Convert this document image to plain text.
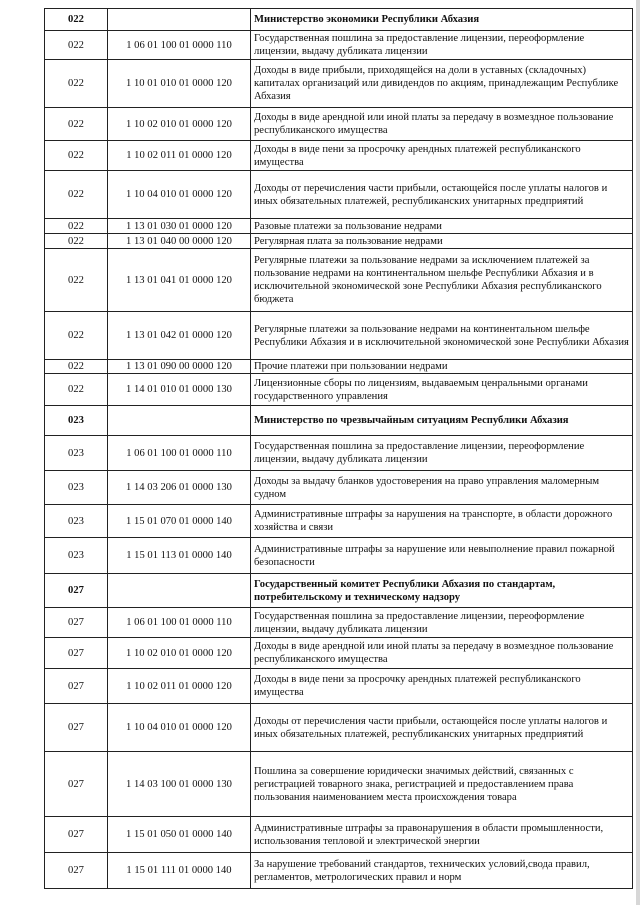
022		Министерство экономики Республики Абхазия
022	1 06 01 100 01 0000 110	Государственная пошлина за предоставление лицензии, переоформление лицензии, выдачу дубликата лицензии
022	1 10 01 010 01 0000 120	Доходы в виде прибыли, приходящейся на доли в уставных (складочных) капиталах организаций или дивидендов по акциям, принадлежащим Республике Абхазия
022	1 10 02 010 01 0000 120	Доходы в виде арендной или иной платы за передачу в возмездное пользование республиканского имущества
022	1 10 02 011 01 0000 120	Доходы в виде пени за просрочку арендных платежей республиканского имущества
022	1 10 04 010 01 0000 120	Доходы от перечисления части прибыли, остающейся после уплаты налогов и иных обязательных платежей, республиканских унитарных предприятий
022	1 13 01 030 01 0000 120	Разовые платежи за пользование недрами
022	1 13 01 040 00 0000 120	Регулярная плата за пользование недрами
022	1 13 01 041 01 0000 120	Регулярные платежи за пользование недрами за исключением платежей за пользование недрами на континентальном шельфе Республики Абхазия и в исключительной экономической зоне Республики Абхазия республиканского бюджета
022	1 13 01 042 01 0000 120	Регулярные платежи за пользование недрами на континентальном шельфе Республики Абхазия и в исключительной экономической зоне Республики Абхазия
022	1 13 01 090 00 0000 120	Прочие платежи при пользовании недрами
022	1 14 01 010 01 0000 130	Лицензионные сборы по лицензиям, выдаваемым ценральными органами государственного управления
023		Министерство по чрезвычайным ситуациям Республики Абхазия
023	1 06 01 100 01 0000 110	Государственная пошлина за предоставление лицензии, переоформление лицензии, выдачу дубликата лицензии
023	1 14 03 206 01 0000 130	Доходы за выдачу бланков удостоверения на право управления маломерным судном
023	1 15 01 070 01 0000 140	Административные штрафы за нарушения на транспорте, в области дорожного хозяйства и связи
023	1 15 01 113 01 0000 140	Административные штрафы за нарушение или невыполнение правил пожарной безопасности
027		Государственный комитет Республики Абхазия по стандартам, потребительскому и техническому надзору
027	1 06 01 100 01 0000 110	Государственная пошлина за предоставление лицензии, переоформление лицензии, выдачу дубликата лицензии
027	1 10 02 010 01 0000 120	Доходы в виде арендной или иной платы за передачу в возмездное пользование республиканского имущества
027	1 10 02 011 01 0000 120	Доходы в виде пени за просрочку арендных платежей республиканского имущества
027	1 10 04 010 01 0000 120	Доходы от перечисления части прибыли, остающейся после уплаты налогов и иных обязательных платежей, республиканских унитарных предприятий
027	1 14 03 100 01 0000 130	Пошлина за совершение юридически значимых действий, связанных с регистрацией товарного знака, регистрацией и предоставлением права пользования наименованием места происхождения товара
027	1 15 01 050 01 0000 140	Административные штрафы за правонарушения в области промышленности, использования тепловой и электрической энергии
027	1 15 01 111 01 0000 140	За нарушение требований стандартов, технических условий,свода правил, регламентов, метрологических правил и норм
